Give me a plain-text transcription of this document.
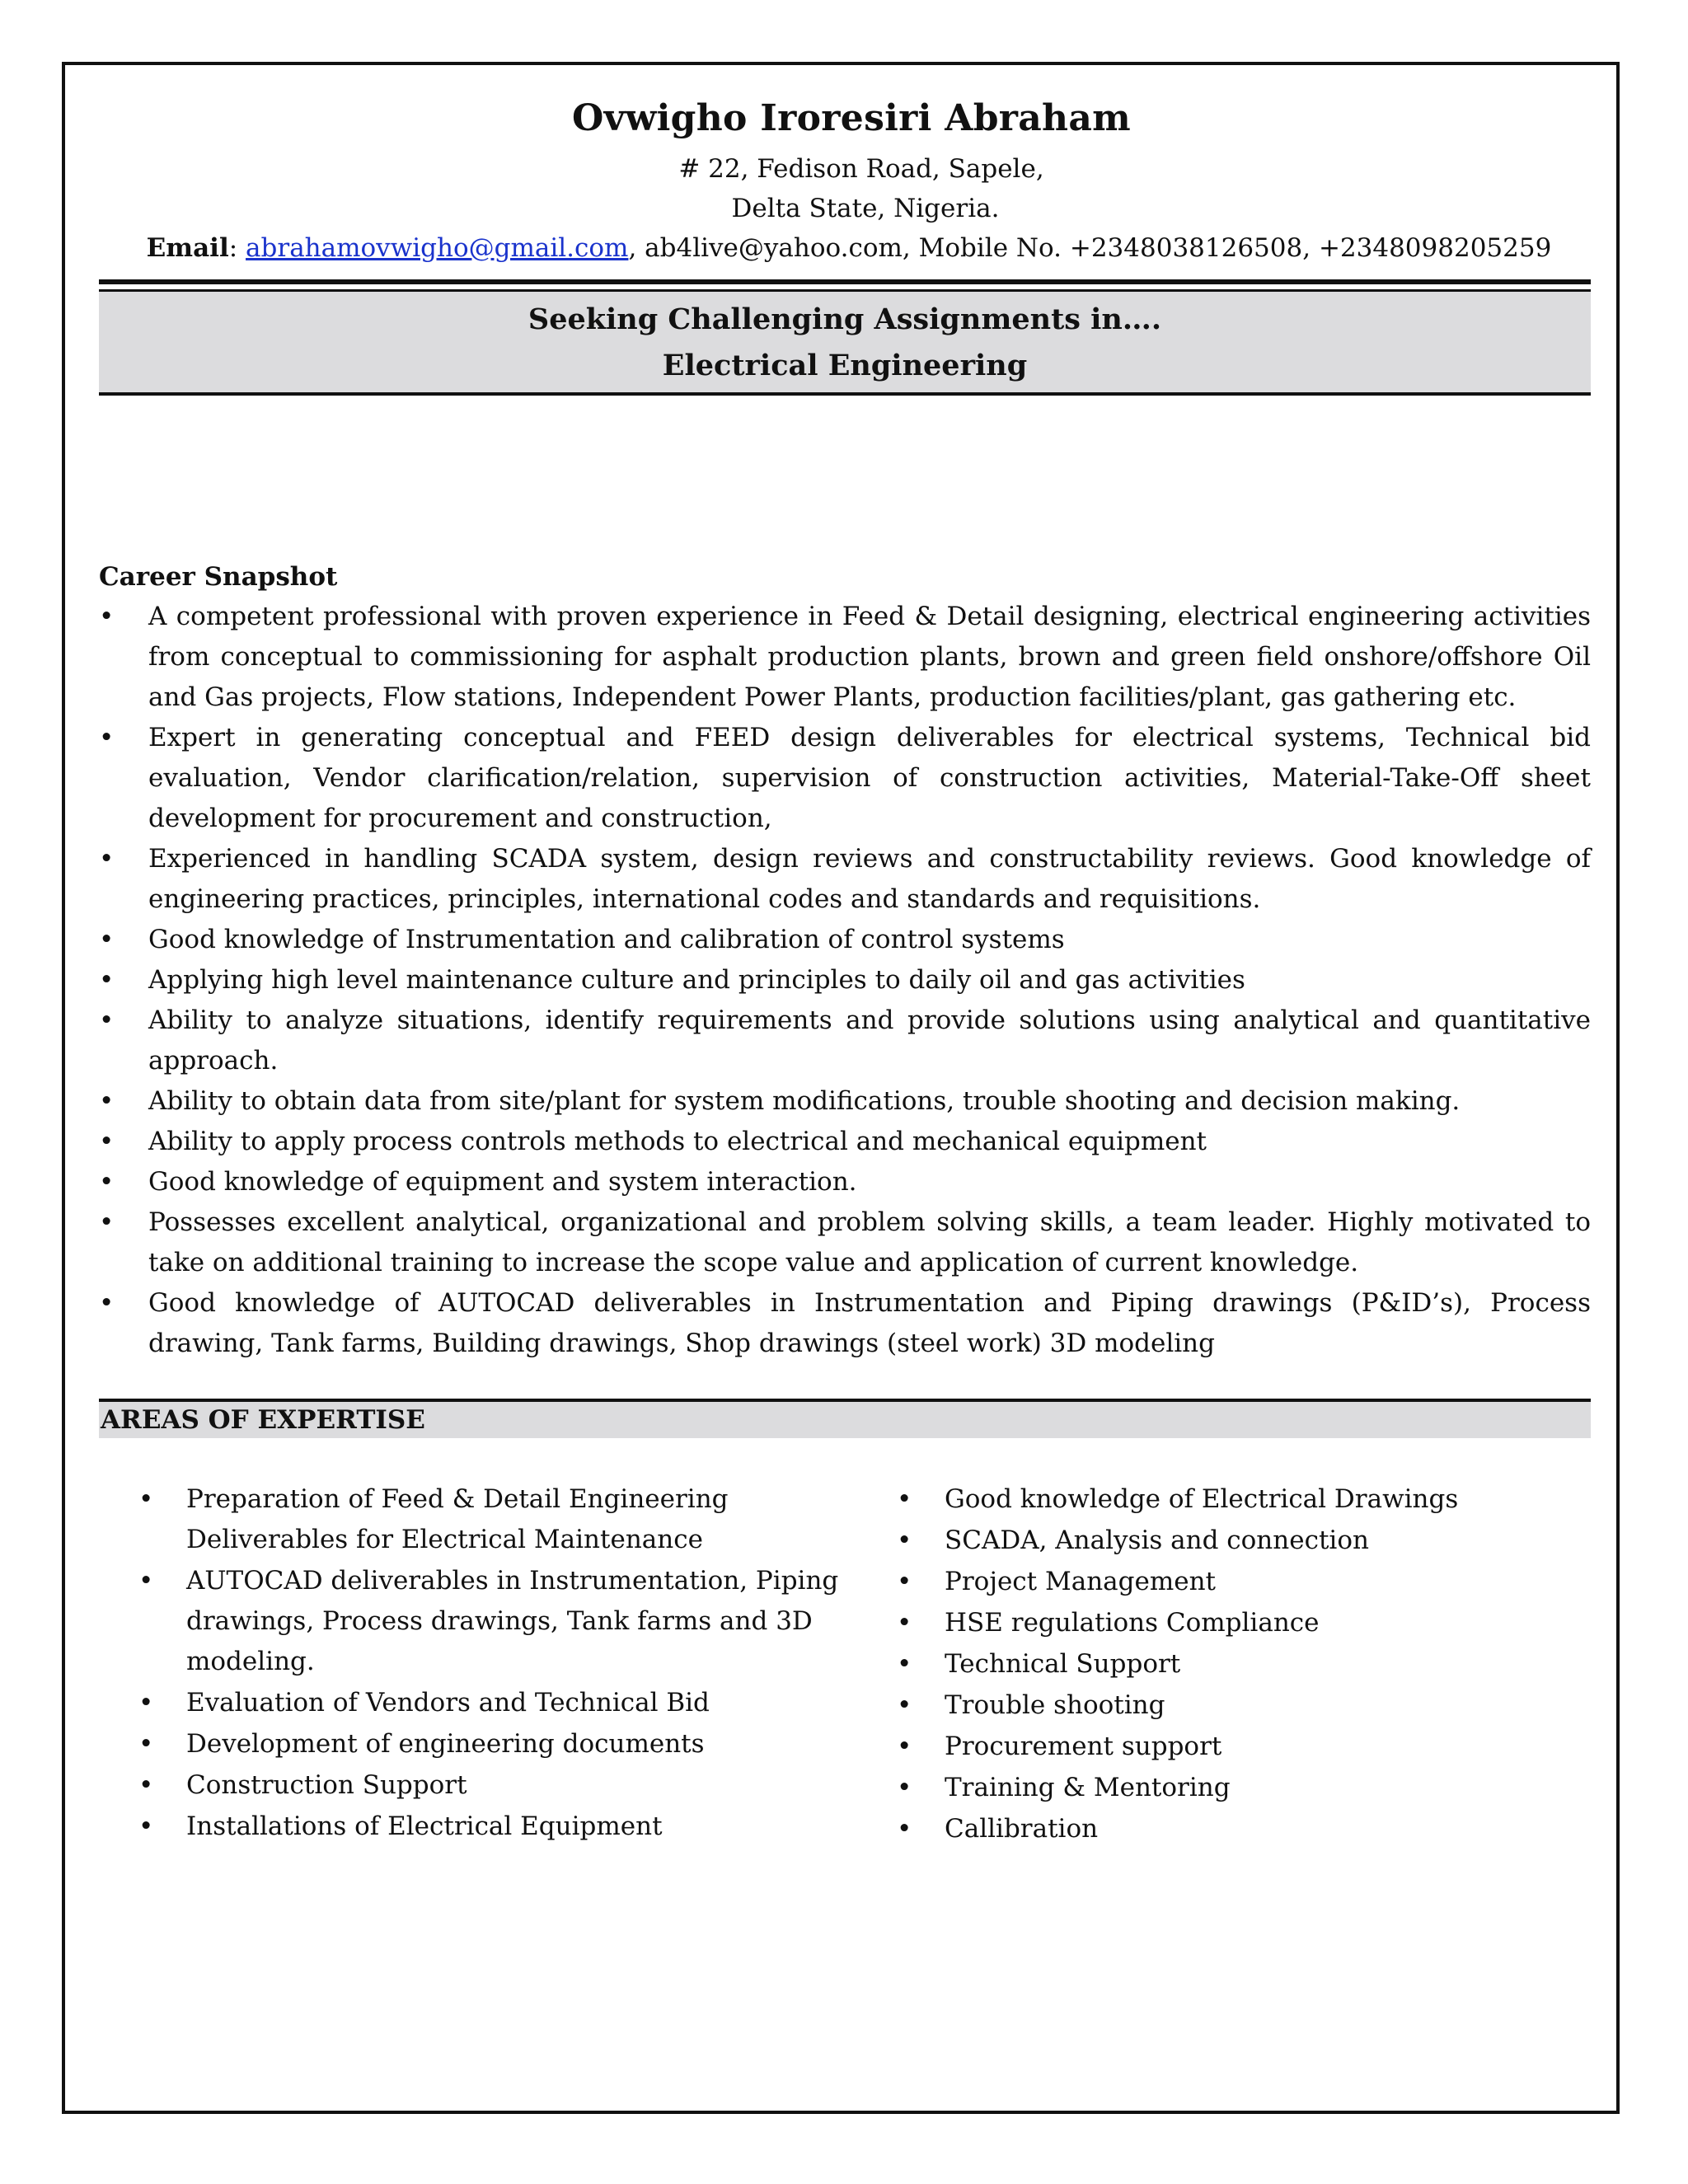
Ovwigho Iroresiri Abraham
# 22, Fedison Road, Sapele,
Delta State, Nigeria.
Email: abrahamovwigho@gmail.com, ab4live@yahoo.com, Mobile No. +2348038126508, +2348098205259
Seeking Challenging Assignments in….
Electrical Engineering
Career Snapshot
• A competent professional with proven experience in Feed & Detail designing, electrical engineering activities from conceptual to commissioning for asphalt production plants, brown and green field onshore/offshore Oil and Gas projects, Flow stations, Independent Power Plants, production facilities/plant, gas gathering etc.
• Expert in generating conceptual and FEED design deliverables for electrical systems, Technical bid evaluation, Vendor clarification/relation, supervision of construction activities, Material-Take-Off sheet development for procurement and construction,
• Experienced in handling SCADA system, design reviews and constructability reviews. Good knowledge of engineering practices, principles, international codes and standards and requisitions.
• Good knowledge of Instrumentation and calibration of control systems
• Applying high level maintenance culture and principles to daily oil and gas activities
• Ability to analyze situations, identify requirements and provide solutions using analytical and quantitative approach.
• Ability to obtain data from site/plant for system modifications, trouble shooting and decision making.
• Ability to apply process controls methods to electrical and mechanical equipment
• Good knowledge of equipment and system interaction.
• Possesses excellent analytical, organizational and problem solving skills, a team leader. Highly motivated to take on additional training to increase the scope value and application of current knowledge.
• Good knowledge of AUTOCAD deliverables in Instrumentation and Piping drawings (P&ID’s), Process drawing, Tank farms, Building drawings, Shop drawings (steel work) 3D modeling
AREAS OF EXPERTISE
• Preparation of Feed & Detail Engineering Deliverables for Electrical Maintenance
• AUTOCAD deliverables in Instrumentation, Piping drawings, Process drawings, Tank farms and 3D modeling.
• Evaluation of Vendors and Technical Bid
• Development of engineering documents
• Construction Support
• Installations of Electrical Equipment
• Good knowledge of Electrical Drawings
• SCADA, Analysis and connection
• Project Management
• HSE regulations Compliance
• Technical Support
• Trouble shooting
• Procurement support
• Training & Mentoring
• Callibration
